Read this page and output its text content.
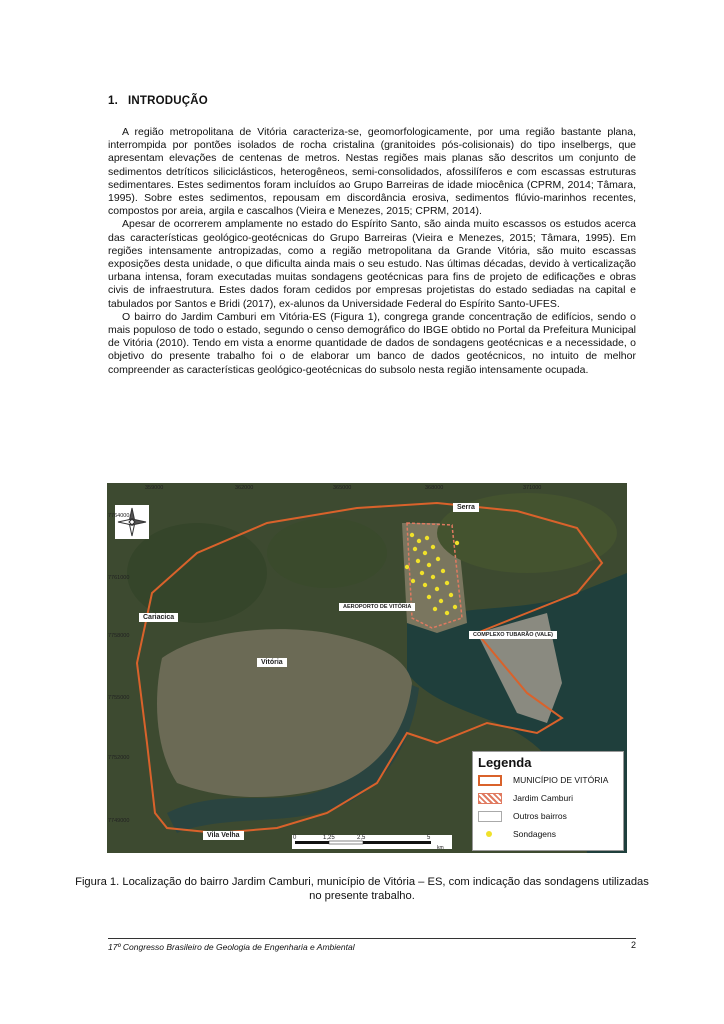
1. INTRODUÇÃO

A região metropolitana de Vitória caracteriza-se, geomorfologicamente, por uma região bastante plana, interrompida por pontões isolados de rocha cristalina (granitoides pós-colisionais) do tipo inselbergs, que apresentam elevações de centenas de metros. Nestas regiões mais planas são descritos um conjunto de sedimentos detríticos siliciclásticos, heterogêneos, semi-consolidados, afossilíferos e com escassas estruturas sedimentares. Estes sedimentos foram incluídos ao Grupo Barreiras de idade miocênica (CPRM, 2014; Tâmara, 1995). Sobre estes sedimentos, repousam em discordância erosiva, sedimentos flúvio-marinhos recentes, compostos por areia, argila e cascalhos (Vieira e Menezes, 2015; CPRM, 2014).

Apesar de ocorrerem amplamente no estado do Espírito Santo, são ainda muito escassos os estudos acerca das características geológico-geotécnicas do Grupo Barreiras (Vieira e Menezes, 2015; Tâmara, 1995). Em regiões intensamente antropizadas, como a região metropolitana da Grande Vitória, são muito escassas exposições desta unidade, o que dificulta ainda mais o seu estudo. Nas últimas décadas, devido à verticalização urbana intensa, foram executadas muitas sondagens geotécnicas para fins de projeto de edificações e obras civis de infraestrutura. Estes dados foram cedidos por empresas projetistas do estado sediadas na capital e tabulados por Santos e Bridi (2017), ex-alunos da Universidade Federal do Espírito Santo-UFES.

O bairro do Jardim Camburi em Vitória-ES (Figura 1), congrega grande concentração de edifícios, sendo o mais populoso de todo o estado, segundo o censo demográfico do IBGE obtido no Portal da Prefeitura Municipal de Vitória (2010). Tendo em vista a enorme quantidade de dados de sondagens geotécnicas e a necessidade, o objetivo do presente trabalho foi o de elaborar um banco de dados geotécnicos, no intuito de melhor compreender as características geológico-geotécnicas do subsolo nesta região intensamente ocupada.

359000	362000	365000	368000	371000
7764000
7761000
7758000
7755000
7752000
7749000
Serra
Cariacica
Vitória
Vila Velha
AEROPORTO DE VITÓRIA
COMPLEXO TUBARÃO (VALE)
0	1,25	2,5	5
km
Legenda
MUNICÍPIO DE VITÓRIA
Jardim Camburi
Outros bairros
Sondagens
Figura 1. Localização do bairro Jardim Camburi, município de Vitória – ES, com indicação das sondagens utilizadas no presente trabalho.
17º Congresso Brasileiro de Geologia de Engenharia e Ambiental	2
